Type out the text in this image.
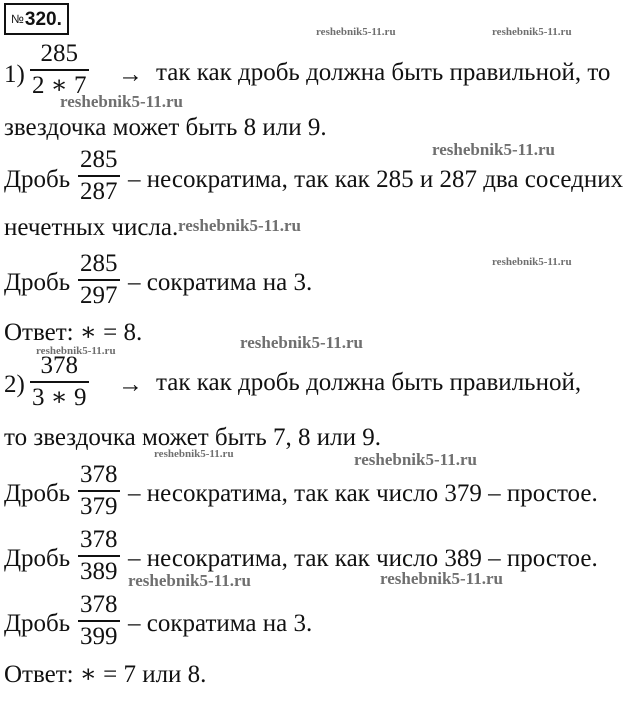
№320.
1)
285
2 ∗ 7 → так как дробь должна быть правильной, то
звездочка может быть 8 или 9.
Дробь
285
287 – несократима, так как 285 и 287 два соседних
нечетных числа.
Дробь
285
297 – сократима на 3.
Ответ: ∗ = 8.
2)
378
3 ∗ 9 → так как дробь должна быть правильной,
то звездочка может быть 7, 8 или 9.
Дробь
378
379 – несократима, так как число 379 – простое.
Дробь
378
389 – несократима, так как число 389 – простое.
Дробь
378
399 – сократима на 3.
Ответ: ∗ = 7 или 8.
reshebnik5-11.ru	reshebnik5-11.ru
reshebnik5-11.ru
reshebnik5-11.ru
reshebnik5-11.ru
reshebnik5-11.ru
reshebnik5-11.ru
reshebnik5-11.ru
reshebnik5-11.ru	reshebnik5-11.ru
reshebnik5-11.ru	reshebnik5-11.ru
